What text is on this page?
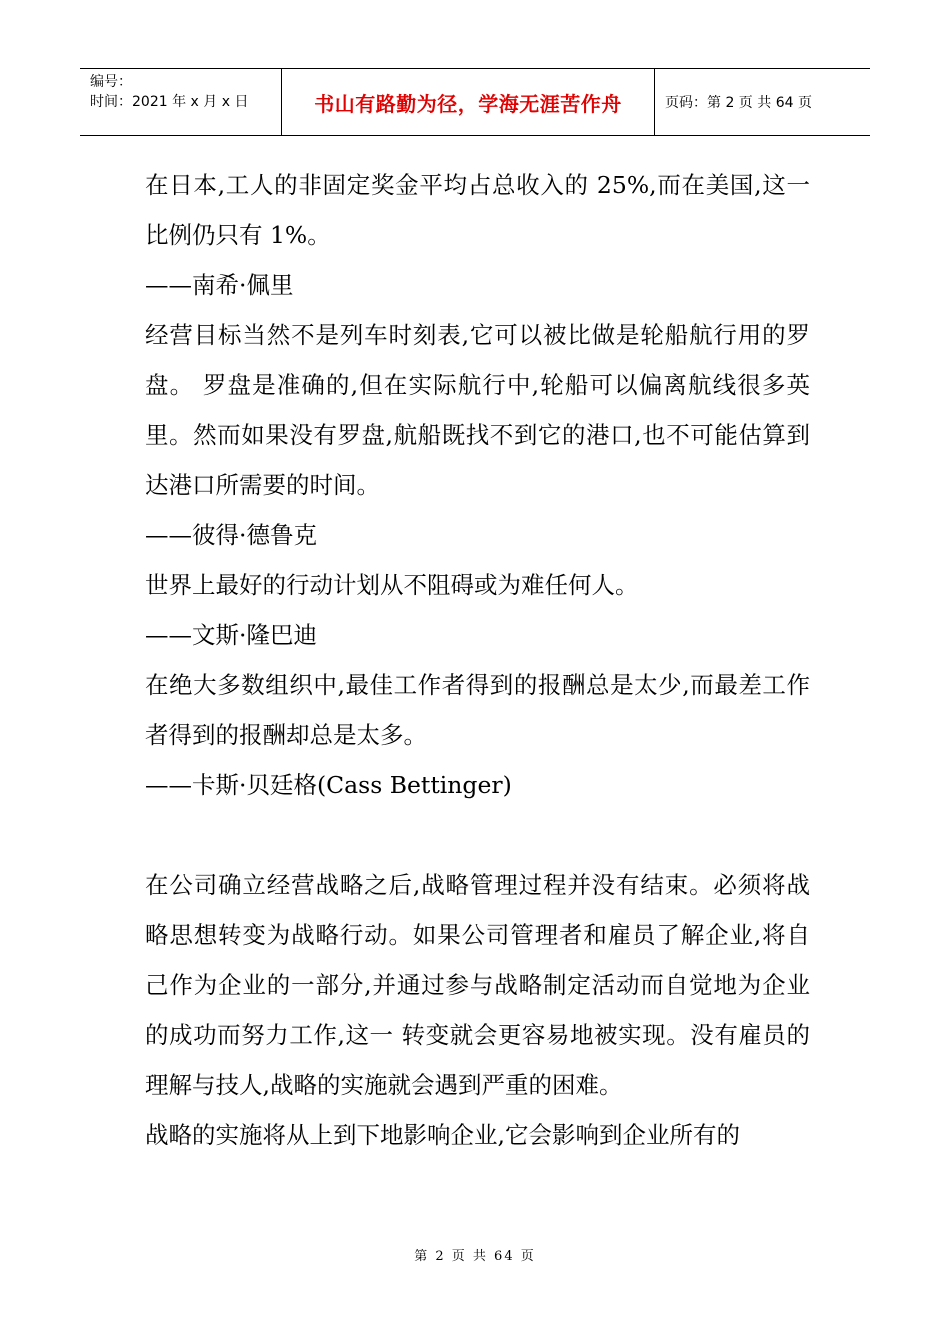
编号：
时间：2021 年 x 月 x 日	书山有路勤为径，学海无涯苦作舟	页码：第 2 页 共 64 页

在日本,工人的非固定奖金平均占总收入的 25%,而在美国,这一比例仍只有 1%。

——南希·佩里

经营目标当然不是列车时刻表,它可以被比做是轮船航行用的罗盘。 罗盘是准确的,但在实际航行中,轮船可以偏离航线很多英里。然而如果没有罗盘,航船既找不到它的港口,也不可能估算到达港口所需要的时间。

——彼得·德鲁克

世界上最好的行动计划从不阻碍或为难任何人。

——文斯·隆巴迪

在绝大多数组织中,最佳工作者得到的报酬总是太少,而最差工作者得到的报酬却总是太多。

——卡斯·贝廷格(Cass Bettinger)

在公司确立经营战略之后,战略管理过程并没有结束。必须将战略思想转变为战略行动。如果公司管理者和雇员了解企业,将自己作为企业的一部分,并通过参与战略制定活动而自觉地为企业的成功而努力工作,这一 转变就会更容易地被实现。没有雇员的理解与技人,战略的实施就会遇到严重的困难。

战略的实施将从上到下地影响企业,它会影响到企业所有的

第 2 页 共 64 页
